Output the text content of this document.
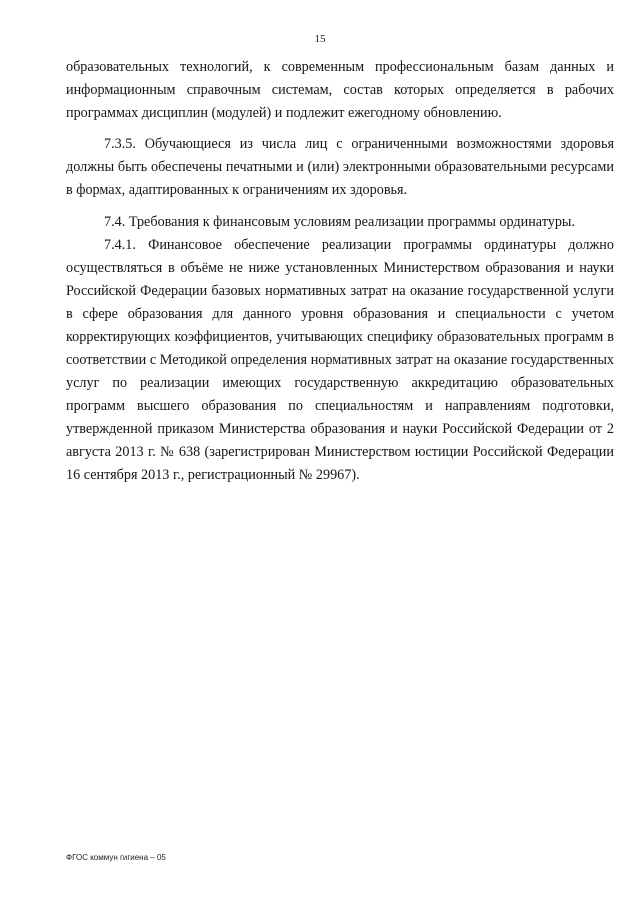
15

образовательных технологий, к современным профессиональным базам данных и информационным справочным системам, состав которых определяется в рабочих программах дисциплин (модулей) и подлежит ежегодному обновлению.

7.3.5. Обучающиеся из числа лиц с ограниченными возможностями здоровья должны быть обеспечены печатными и (или) электронными образовательными ресурсами в формах, адаптированных к ограничениям их здоровья.

7.4. Требования к финансовым условиям реализации программы ординатуры.

7.4.1. Финансовое обеспечение реализации программы ординатуры должно осуществляться в объёме не ниже установленных Министерством образования и науки Российской Федерации базовых нормативных затрат на оказание государственной услуги в сфере образования для данного уровня образования и специальности с учетом корректирующих коэффициентов, учитывающих специфику образовательных программ в соответствии с Методикой определения нормативных затрат на оказание государственных услуг по реализации имеющих государственную аккредитацию образовательных программ высшего образования по специальностям и направлениям подготовки, утвержденной приказом Министерства образования и науки Российской Федерации от 2 августа 2013 г. № 638 (зарегистрирован Министерством юстиции Российской Федерации 16 сентября 2013 г., регистрационный № 29967).

ФГОС коммун гигиена – 05
